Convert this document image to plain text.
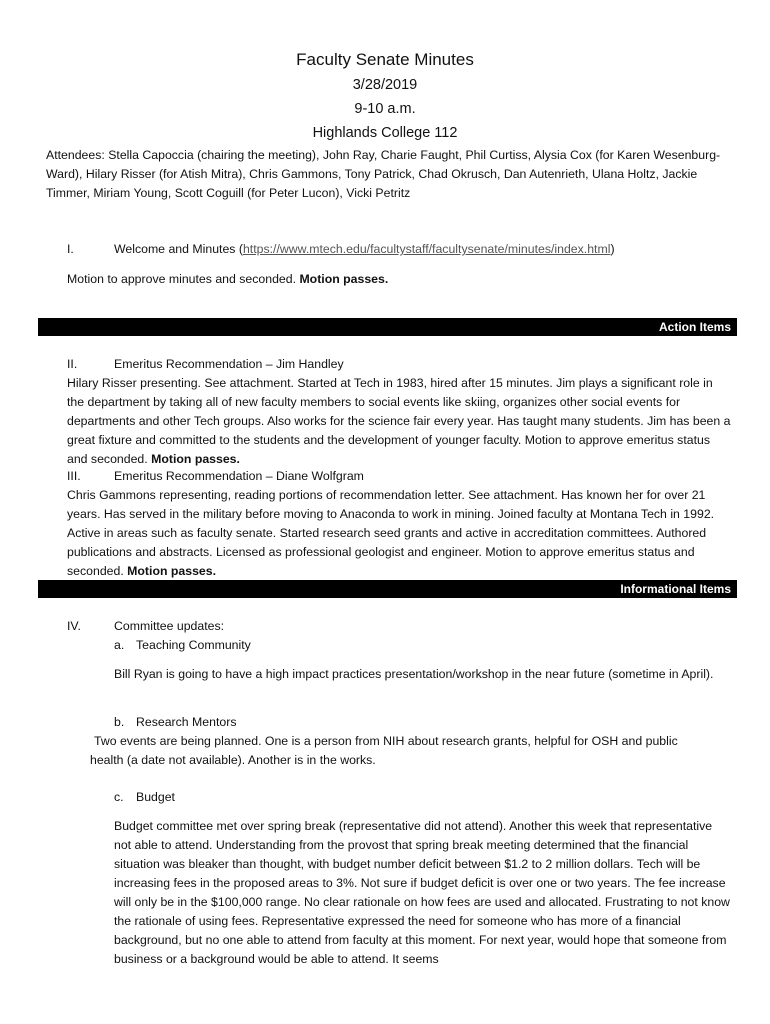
Faculty Senate Minutes
3/28/2019
9-10 a.m.
Highlands College 112
Attendees: Stella Capoccia (chairing the meeting), John Ray, Charie Faught, Phil Curtiss, Alysia Cox (for Karen Wesenburg-Ward), Hilary Risser (for Atish Mitra), Chris Gammons, Tony Patrick, Chad Okrusch, Dan Autenrieth, Ulana Holtz, Jackie Timmer, Miriam Young, Scott Coguill (for Peter Lucon), Vicki Petritz
I.	Welcome and Minutes (https://www.mtech.edu/facultystaff/facultysenate/minutes/index.html)
Motion to approve minutes and seconded. Motion passes.
Action Items
II.	Emeritus Recommendation – Jim Handley
Hilary Risser presenting. See attachment. Started at Tech in 1983, hired after 15 minutes. Jim plays a significant role in the department by taking all of new faculty members to social events like skiing, organizes other social events for departments and other Tech groups. Also works for the science fair every year. Has taught many students. Jim has been a great fixture and committed to the students and the development of younger faculty. Motion to approve emeritus status and seconded. Motion passes.
III.	Emeritus Recommendation – Diane Wolfgram
Chris Gammons representing, reading portions of recommendation letter. See attachment. Has known her for over 21 years. Has served in the military before moving to Anaconda to work in mining. Joined faculty at Montana Tech in 1992. Active in areas such as faculty senate. Started research seed grants and active in accreditation committees. Authored publications and abstracts. Licensed as professional geologist and engineer. Motion to approve emeritus status and seconded. Motion passes.
Informational Items
IV.	Committee updates:
a. Teaching Community
Bill Ryan is going to have a high impact practices presentation/workshop in the near future (sometime in April).
b. Research Mentors
Two events are being planned. One is a person from NIH about research grants, helpful for OSH and public health (a date not available). Another is in the works.
c. Budget
Budget committee met over spring break (representative did not attend). Another this week that representative not able to attend. Understanding from the provost that spring break meeting determined that the financial situation was bleaker than thought, with budget number deficit between $1.2 to 2 million dollars. Tech will be increasing fees in the proposed areas to 3%. Not sure if budget deficit is over one or two years. The fee increase will only be in the $100,000 range. No clear rationale on how fees are used and allocated. Frustrating to not know the rationale of using fees. Representative expressed the need for someone who has more of a financial background, but no one able to attend from faculty at this moment. For next year, would hope that someone from business or a background would be able to attend. It seems
